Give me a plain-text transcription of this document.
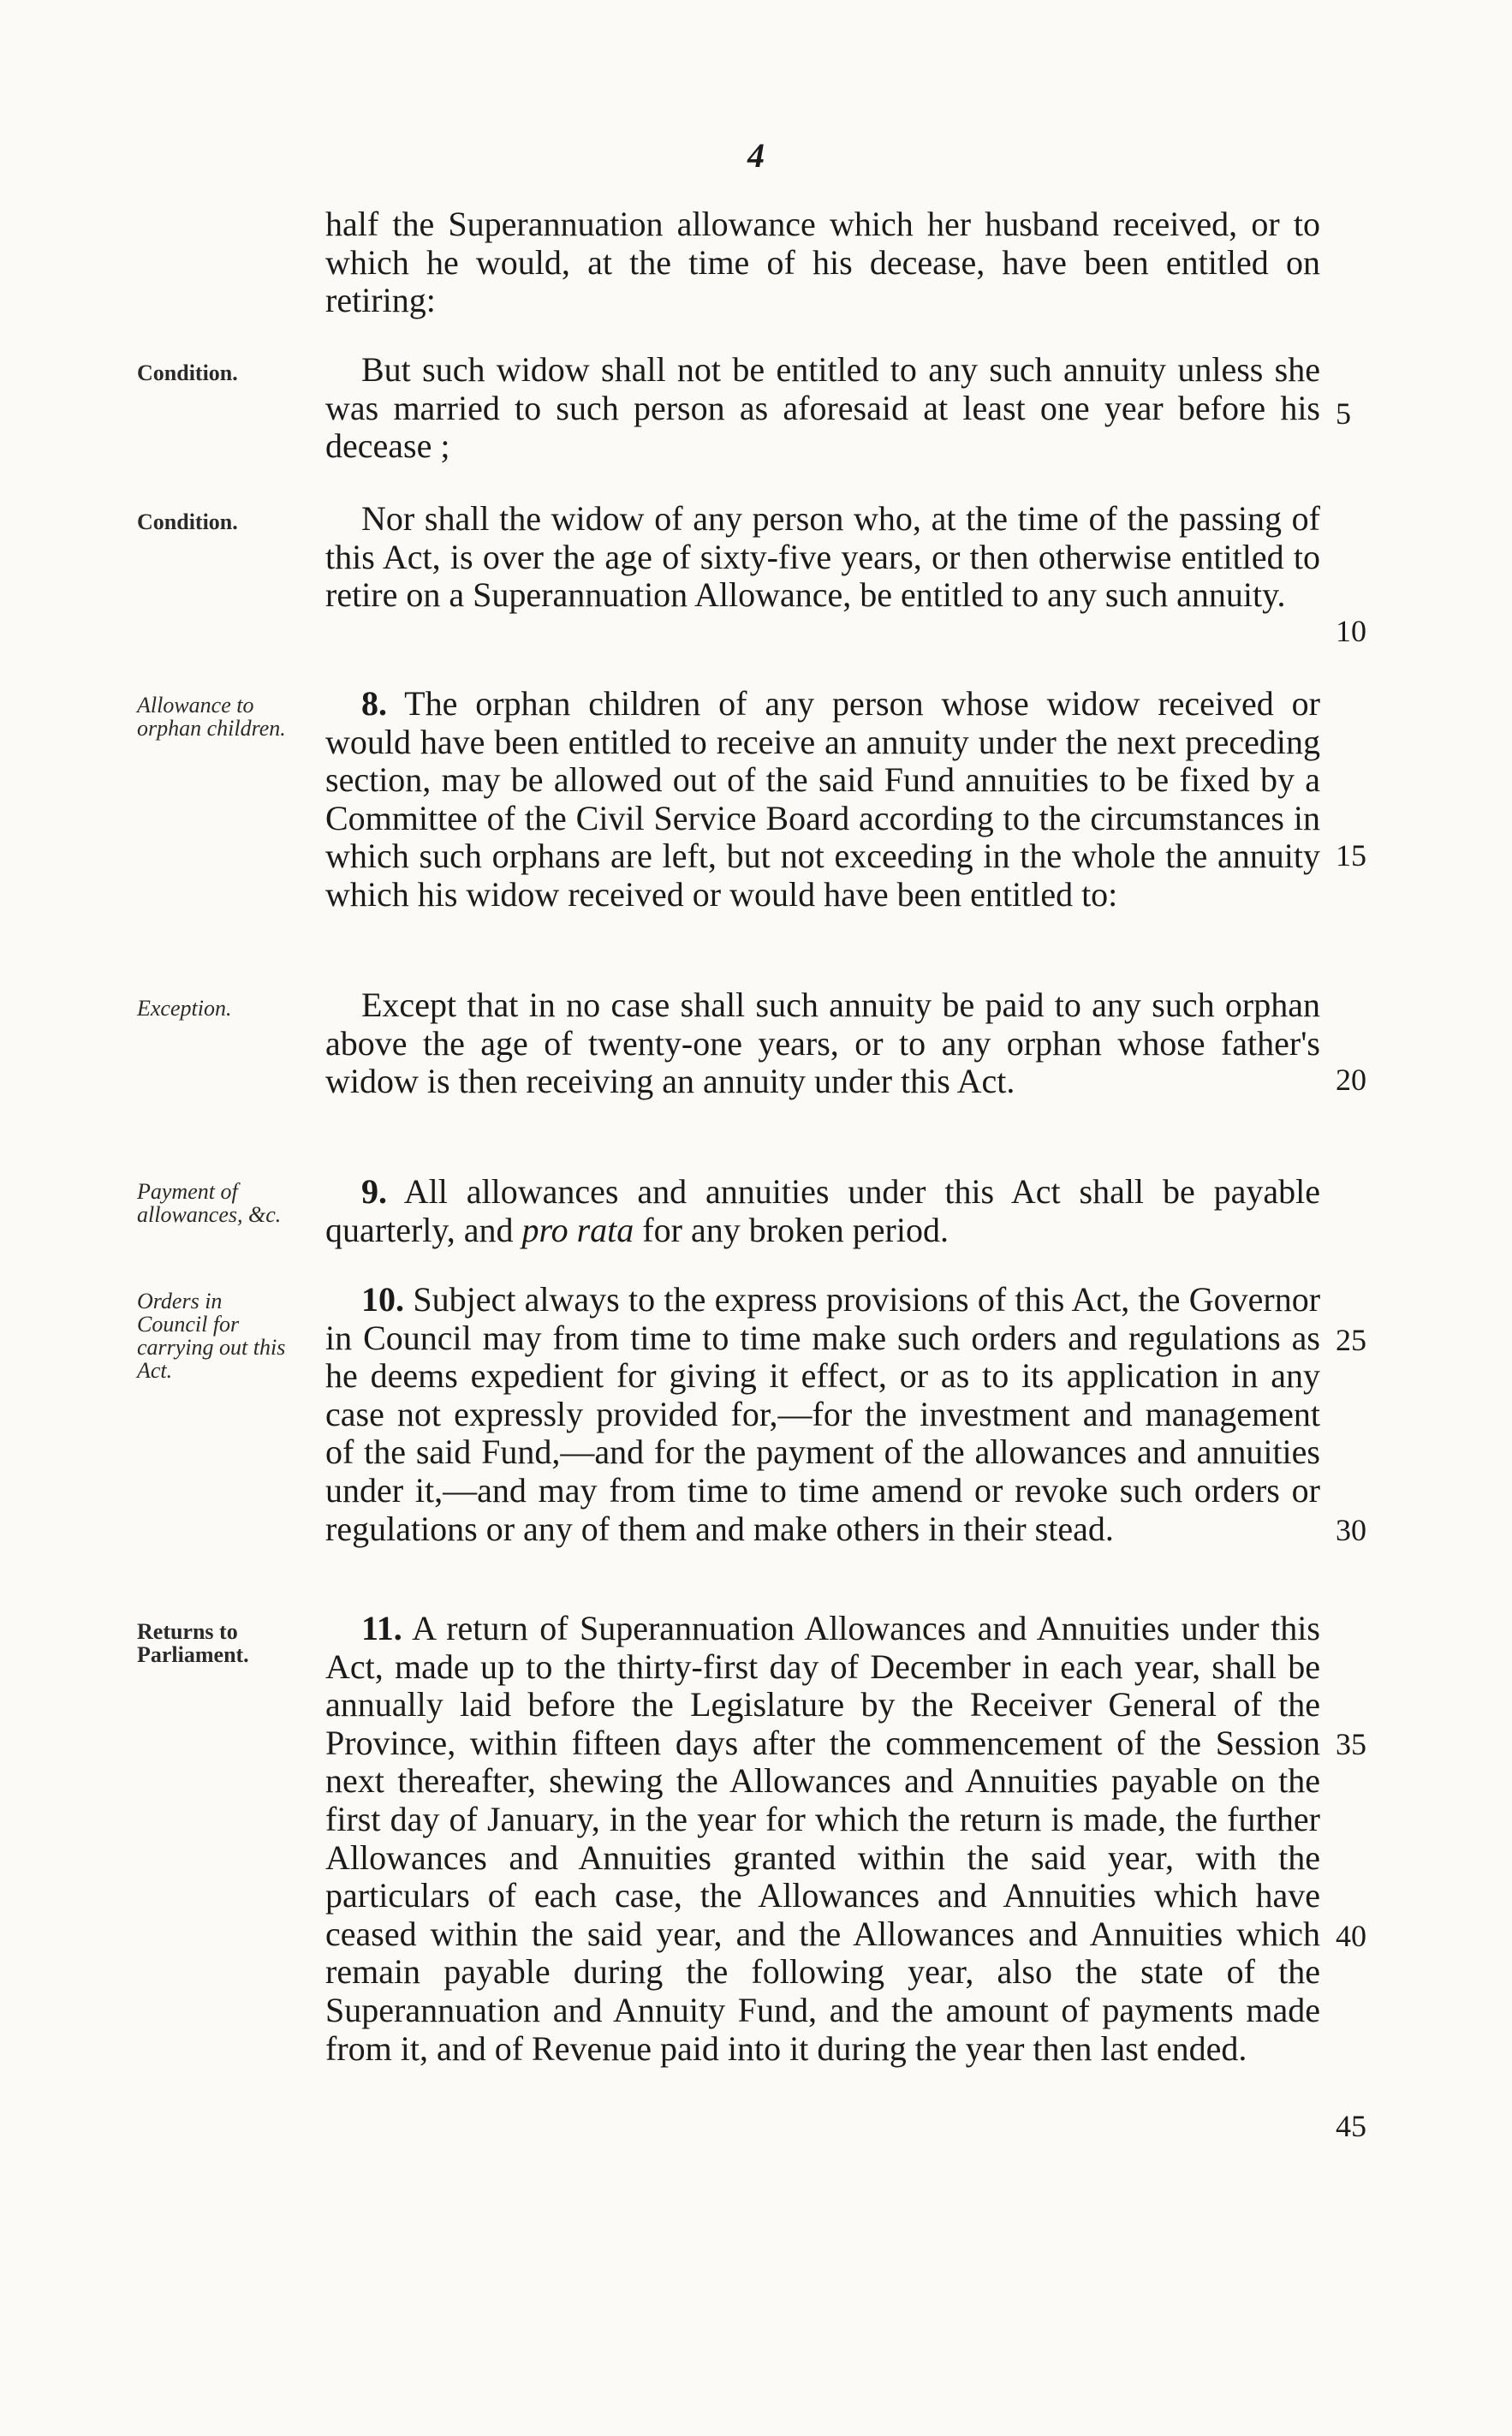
4
half the Superannuation allowance which her husband received, or to which he would, at the time of his decease, have been entitled on retiring:
Condition.	But such widow shall not be entitled to any such annuity unless she was married to such person as aforesaid at least one year before his decease ;
5
Condition.	Nor shall the widow of any person who, at the time of the passing of this Act, is over the age of sixty-five years, or then otherwise entitled to retire on a Superannuation Allowance, be entitled to any such annuity.
10
Allowance to orphan children.
8. The orphan children of any person whose widow received or would have been entitled to receive an annuity under the next preceding section, may be allowed out of the said Fund annuities to be fixed by a Committee of the Civil Service Board according to the circumstances in which such orphans are left, but not exceeding in the whole the annuity which his widow received or would have been entitled to:
15
Exception.	Except that in no case shall such annuity be paid to any such orphan above the age of twenty-one years, or to any orphan whose father's widow is then receiving an annuity under this Act.	20
Payment of allowances, &c.
9. All allowances and annuities under this Act shall be payable quarterly, and pro rata for any broken period.
Orders in Council for carrying out this Act.
10. Subject always to the express provisions of this Act, the Governor in Council may from time to time make such orders and regulations as he deems expedient for giving it effect, or as to its application in any case not expressly provided for,—for the investment and management of the said Fund,—and for the payment of the allowances and annuities under it,—and may from time to time amend or revoke such orders or regulations or any of them and make others in their stead.
25
30
Returns to Parliament.
11. A return of Superannuation Allowances and Annuities under this Act, made up to the thirty-first day of December in each year, shall be annually laid before the Legislature by the Receiver General of the Province, within fifteen days after the commencement of the Session next thereafter, shewing the Allowances and Annuities payable on the first day of January, in the year for which the return is made, the further Allowances and Annuities granted within the said year, with the particulars of each case, the Allowances and Annuities which have ceased within the said year, and the Allowances and Annuities which remain payable during the following year, also the state of the Superannuation and Annuity Fund, and the amount of payments made from it, and of Revenue paid into it during the year then last ended.
35
40
45
